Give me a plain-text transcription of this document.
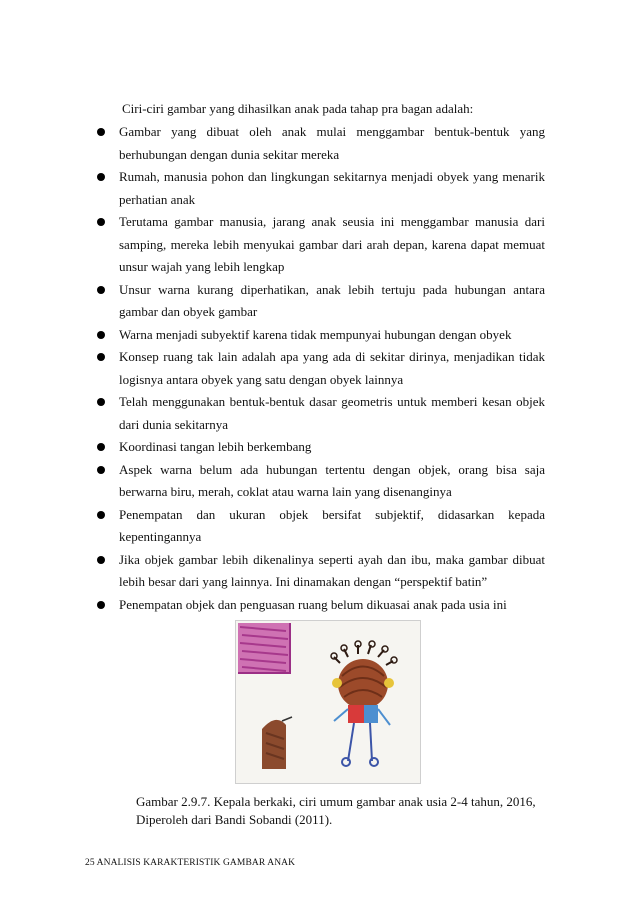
Ciri-ciri gambar yang dihasilkan anak pada tahap pra bagan adalah:
Gambar yang dibuat oleh anak mulai menggambar bentuk-bentuk yang berhubungan dengan dunia sekitar mereka
Rumah, manusia pohon dan lingkungan sekitarnya menjadi obyek yang menarik perhatian anak
Terutama gambar manusia, jarang anak seusia ini menggambar manusia dari samping, mereka lebih menyukai gambar dari arah depan, karena dapat memuat unsur wajah yang lebih lengkap
Unsur warna kurang diperhatikan, anak lebih tertuju pada hubungan antara gambar dan obyek gambar
Warna menjadi subyektif karena tidak mempunyai hubungan dengan obyek
Konsep ruang tak lain adalah apa yang ada di sekitar dirinya, menjadikan tidak logisnya antara obyek yang satu dengan obyek lainnya
Telah menggunakan bentuk-bentuk dasar geometris untuk memberi kesan objek dari dunia sekitarnya
Koordinasi tangan lebih berkembang
Aspek warna belum ada hubungan tertentu dengan objek, orang bisa saja berwarna biru, merah, coklat atau warna lain yang disenanginya
Penempatan dan ukuran objek bersifat subjektif, didasarkan kepada kepentingannya
Jika objek gambar lebih dikenalinya seperti ayah dan ibu, maka gambar dibuat lebih besar dari yang lainnya. Ini dinamakan dengan “perspektif batin”
Penempatan objek dan penguasan ruang belum dikuasai anak pada usia ini
Gambar 2.9.7. Kepala berkaki, ciri umum gambar anak usia 2-4 tahun, 2016, Diperoleh dari Bandi Sobandi (2011).
25 ANALISIS KARAKTERISTIK GAMBAR ANAK
